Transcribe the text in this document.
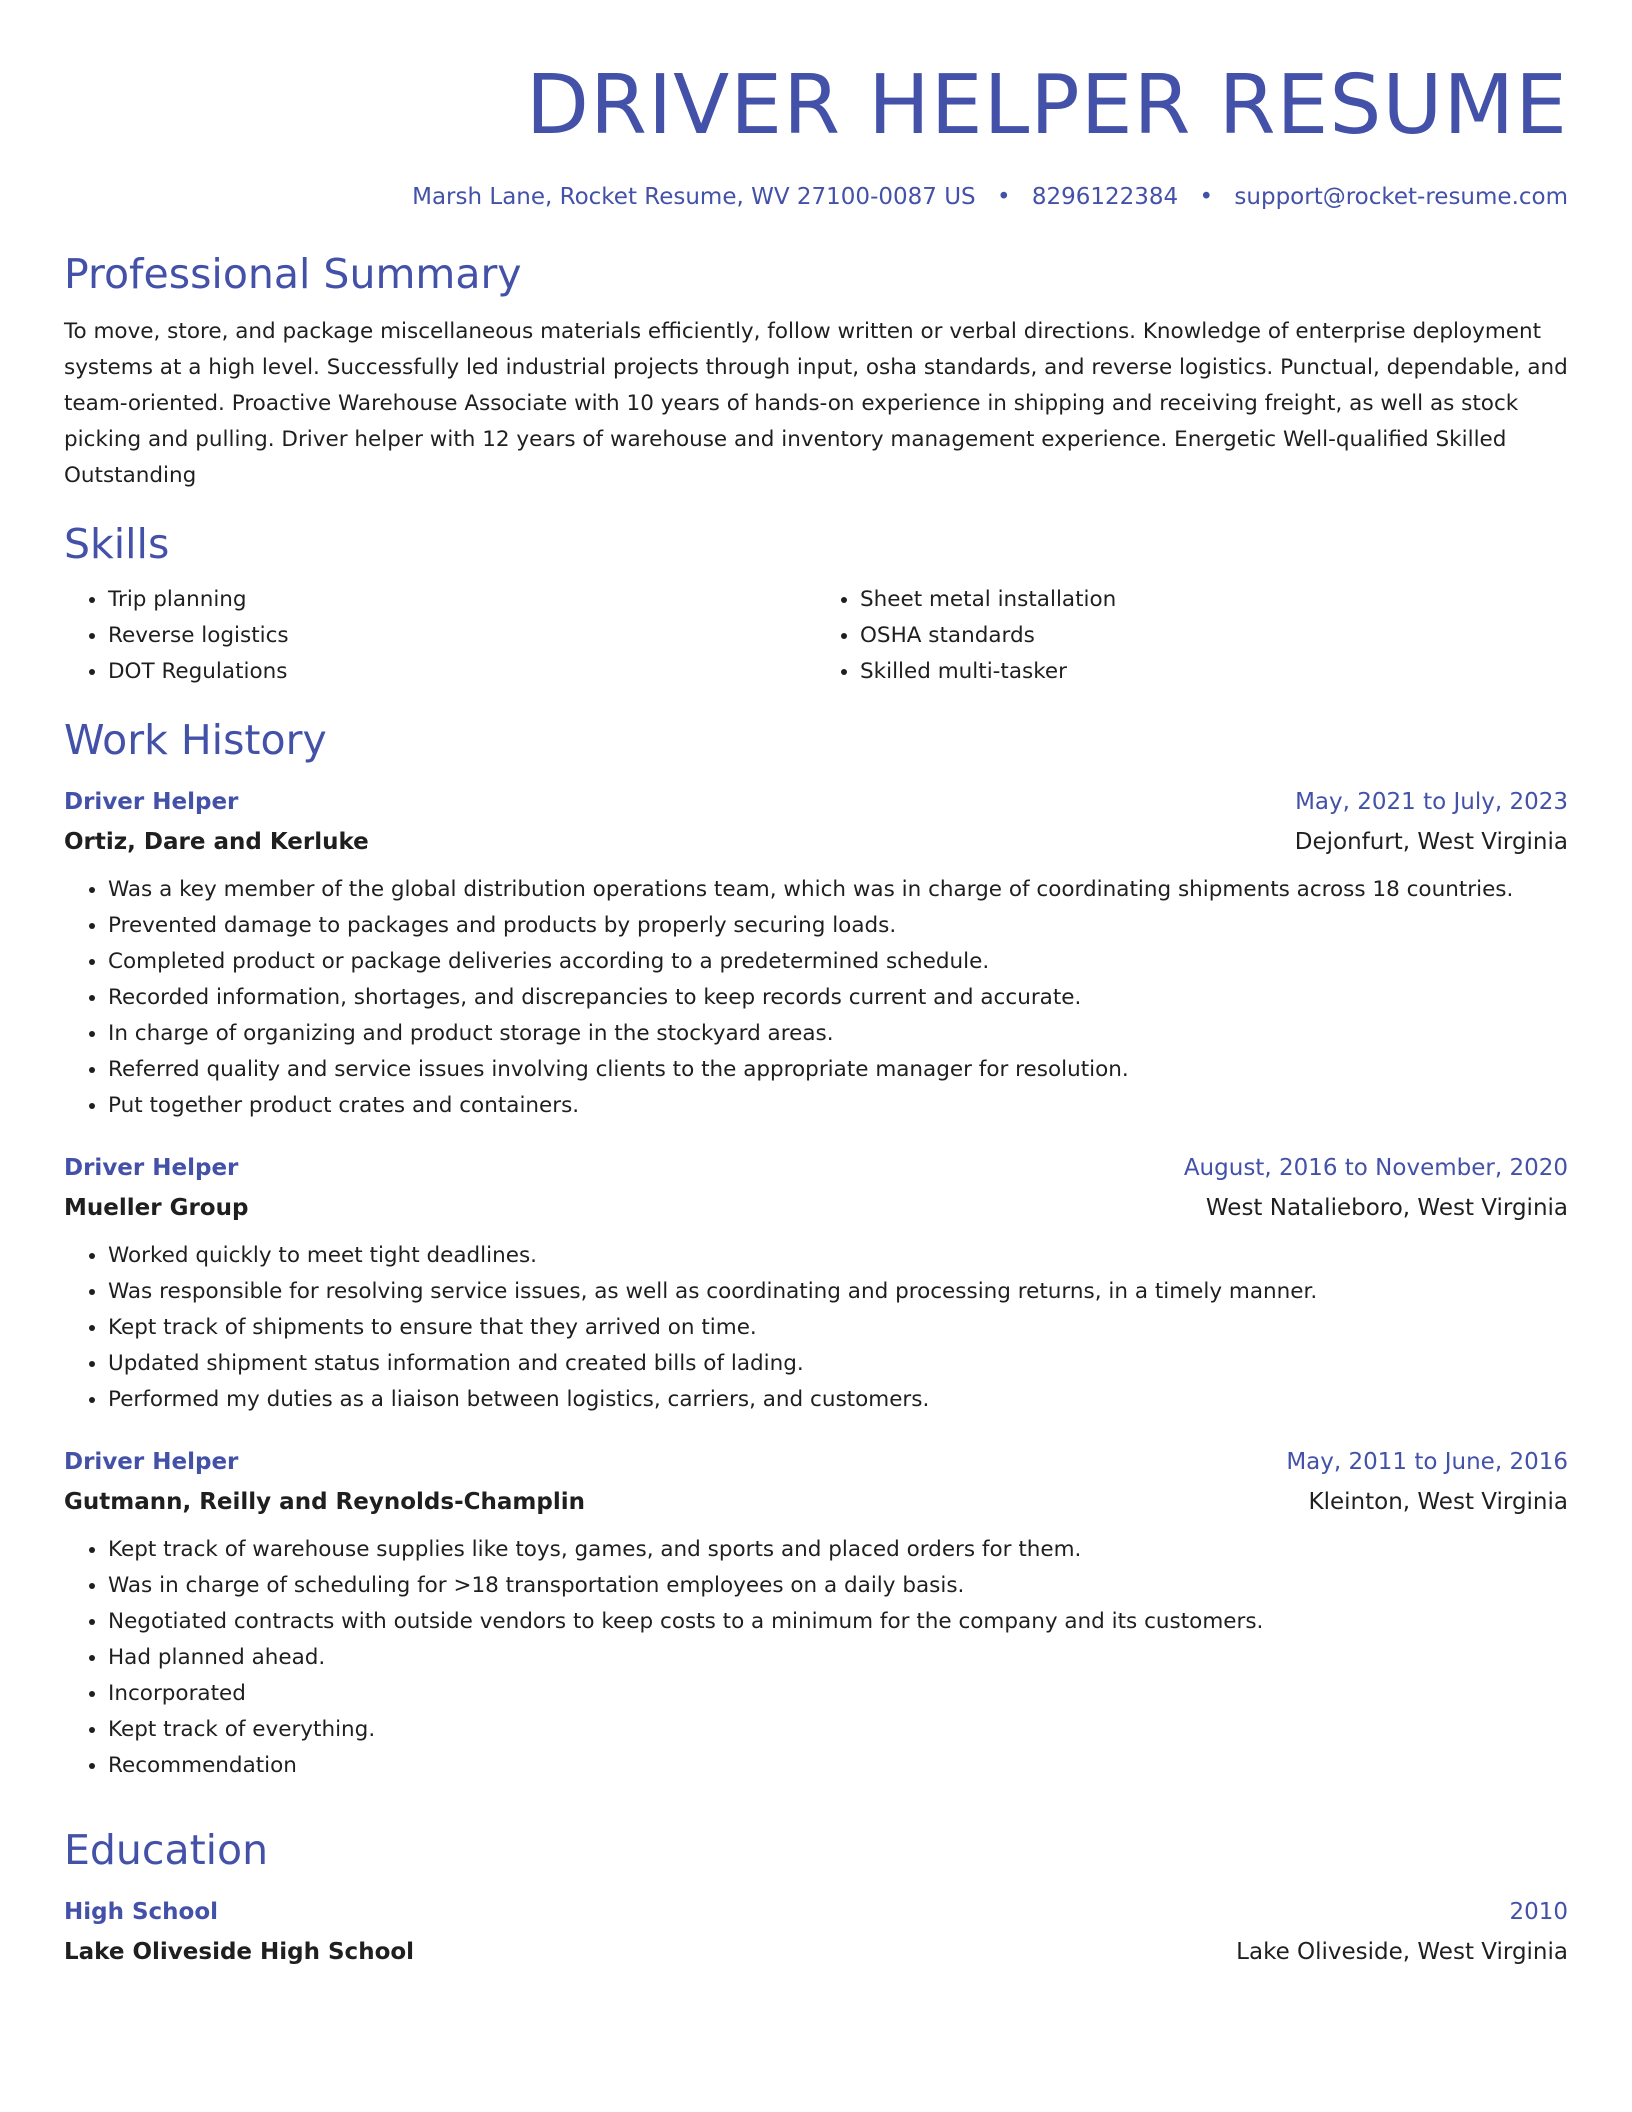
DRIVER HELPER RESUME
Marsh Lane, Rocket Resume, WV 27100-0087 US • 8296122384 • support@rocket-resume.com
Professional Summary
To move, store, and package miscellaneous materials efficiently, follow written or verbal directions. Knowledge of enterprise deployment systems at a high level. Successfully led industrial projects through input, osha standards, and reverse logistics. Punctual, dependable, and team-oriented. Proactive Warehouse Associate with 10 years of hands-on experience in shipping and receiving freight, as well as stock picking and pulling. Driver helper with 12 years of warehouse and inventory management experience. Energetic Well-qualified Skilled Outstanding
Skills
• Trip planning
• Reverse logistics
• DOT Regulations
• Sheet metal installation
• OSHA standards
• Skilled multi-tasker
Work History
Driver Helper	May, 2021 to July, 2023
Ortiz, Dare and Kerluke	Dejonfurt, West Virginia
• Was a key member of the global distribution operations team, which was in charge of coordinating shipments across 18 countries.
• Prevented damage to packages and products by properly securing loads.
• Completed product or package deliveries according to a predetermined schedule.
• Recorded information, shortages, and discrepancies to keep records current and accurate.
• In charge of organizing and product storage in the stockyard areas.
• Referred quality and service issues involving clients to the appropriate manager for resolution.
• Put together product crates and containers.
Driver Helper	August, 2016 to November, 2020
Mueller Group	West Natalieboro, West Virginia
• Worked quickly to meet tight deadlines.
• Was responsible for resolving service issues, as well as coordinating and processing returns, in a timely manner.
• Kept track of shipments to ensure that they arrived on time.
• Updated shipment status information and created bills of lading.
• Performed my duties as a liaison between logistics, carriers, and customers.
Driver Helper	May, 2011 to June, 2016
Gutmann, Reilly and Reynolds-Champlin	Kleinton, West Virginia
• Kept track of warehouse supplies like toys, games, and sports and placed orders for them.
• Was in charge of scheduling for >18 transportation employees on a daily basis.
• Negotiated contracts with outside vendors to keep costs to a minimum for the company and its customers.
• Had planned ahead.
• Incorporated
• Kept track of everything.
• Recommendation
Education
High School	2010
Lake Oliveside High School	Lake Oliveside, West Virginia
